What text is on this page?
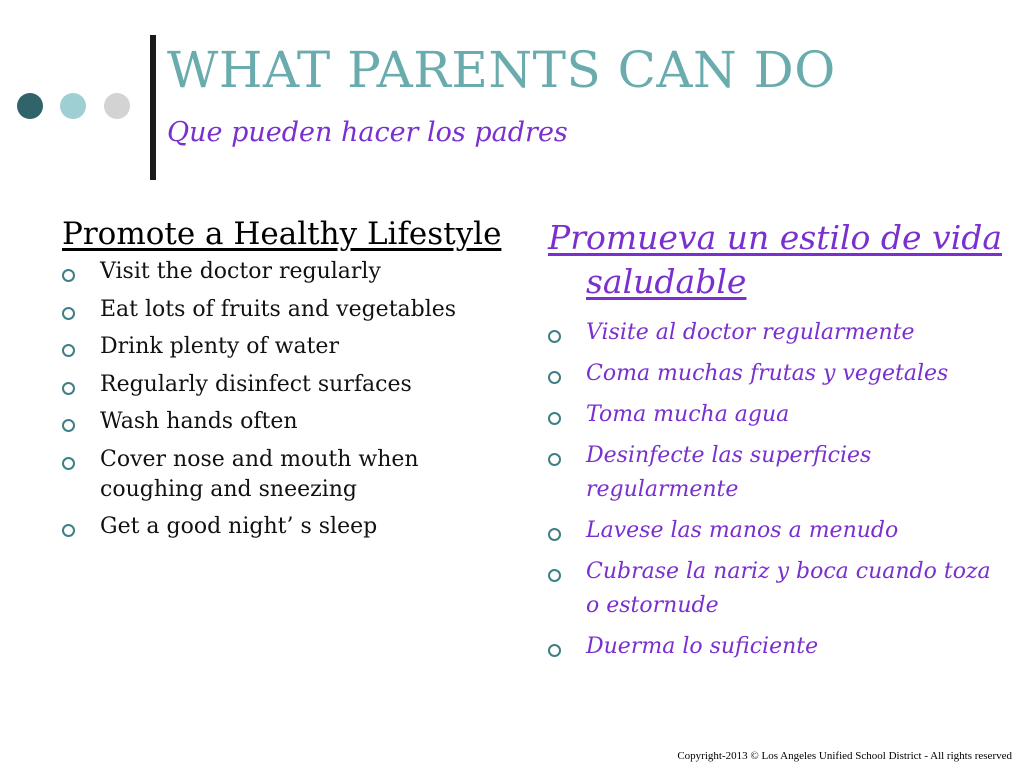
WHAT PARENTS CAN DO
Que pueden hacer los padres
Promote a Healthy Lifestyle
Visit the doctor regularly
Eat lots of fruits and vegetables
Drink plenty of water
Regularly disinfect surfaces
Wash hands often
Cover nose and mouth when coughing and sneezing
Get a good night’ s sleep
Promueva un estilo de vida saludable
Visite al doctor regularmente
Coma muchas frutas y vegetales
Toma mucha agua
Desinfecte las superficies regularmente
Lavese las manos a menudo
Cubrase la nariz y boca cuando toza o estornude
Duerma lo suficiente
Copyright-2013 © Los Angeles Unified School District - All rights reserved
